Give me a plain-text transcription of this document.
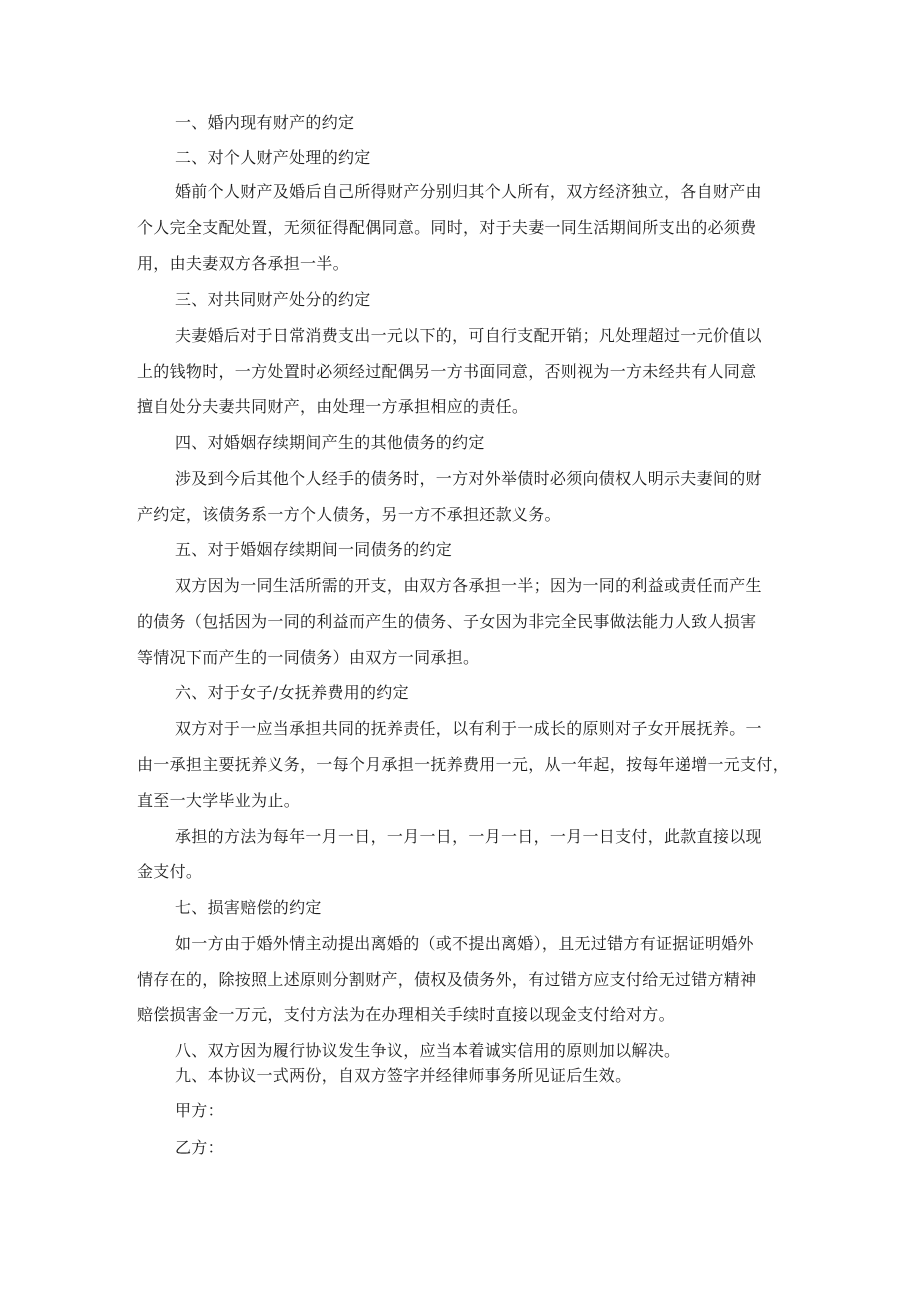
一、婚内现有财产的约定
二、对个人财产处理的约定
婚前个人财产及婚后自己所得财产分别归其个人所有，双方经济独立，各自财产由
个人完全支配处置，无须征得配偶同意。同时，对于夫妻一同生活期间所支出的必须费
用，由夫妻双方各承担一半。
三、对共同财产处分的约定
夫妻婚后对于日常消费支出一元以下的，可自行支配开销；凡处理超过一元价值以
上的钱物时，一方处置时必须经过配偶另一方书面同意，否则视为一方未经共有人同意
擅自处分夫妻共同财产，由处理一方承担相应的责任。
四、对婚姻存续期间产生的其他债务的约定
涉及到今后其他个人经手的债务时，一方对外举债时必须向债权人明示夫妻间的财
产约定，该债务系一方个人债务，另一方不承担还款义务。
五、对于婚姻存续期间一同债务的约定
双方因为一同生活所需的开支，由双方各承担一半；因为一同的利益或责任而产生
的债务（包括因为一同的利益而产生的债务、子女因为非完全民事做法能力人致人损害
等情况下而产生的一同债务）由双方一同承担。
六、对于女子/女抚养费用的约定
双方对于一应当承担共同的抚养责任，以有利于一成长的原则对子女开展抚养。一
由一承担主要抚养义务，一每个月承担一抚养费用一元，从一年起，按每年递增一元支付，
直至一大学毕业为止。
承担的方法为每年一月一日，一月一日，一月一日，一月一日支付，此款直接以现
金支付。
七、损害赔偿的约定
如一方由于婚外情主动提出离婚的（或不提出离婚），且无过错方有证据证明婚外
情存在的，除按照上述原则分割财产，债权及债务外，有过错方应支付给无过错方精神
赔偿损害金一万元，支付方法为在办理相关手续时直接以现金支付给对方。
八、双方因为履行协议发生争议，应当本着诚实信用的原则加以解决。
九、本协议一式两份，自双方签字并经律师事务所见证后生效。
甲方：
乙方：
